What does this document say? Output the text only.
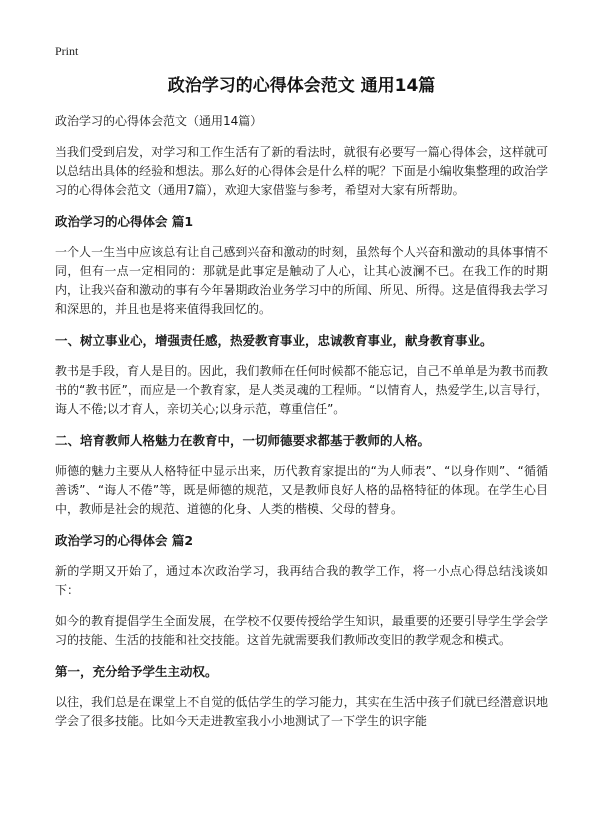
Print
政治学习的心得体会范文 通用14篇
政治学习的心得体会范文（通用14篇）

当我们受到启发，对学习和工作生活有了新的看法时，就很有必要写一篇心得体会，这样就可以总结出具体的经验和想法。那么好的心得体会是什么样的呢？下面是小编收集整理的政治学习的心得体会范文（通用7篇），欢迎大家借鉴与参考，希望对大家有所帮助。

政治学习的心得体会 篇1

一个人一生当中应该总有让自己感到兴奋和激动的时刻，虽然每个人兴奋和激动的具体事情不同，但有一点一定相同的：那就是此事定是触动了人心，让其心波澜不已。在我工作的时期内，让我兴奋和激动的事有今年暑期政治业务学习中的所闻、所见、所得。这是值得我去学习和深思的，并且也是将来值得我回忆的。

一、树立事业心，增强责任感，热爱教育事业，忠诚教育事业，献身教育事业。

教书是手段，育人是目的。因此，我们教师在任何时候都不能忘记，自己不单单是为教书而教书的“教书匠”，而应是一个教育家，是人类灵魂的工程师。“以情育人，热爱学生,以言导行，诲人不倦;以才育人，亲切关心;以身示范，尊重信任”。

二、培育教师人格魅力在教育中，一切师德要求都基于教师的人格。

师德的魅力主要从人格特征中显示出来，历代教育家提出的“为人师表”、“以身作则”、“循循善诱”、“诲人不倦”等，既是师德的规范，又是教师良好人格的品格特征的体现。在学生心目中，教师是社会的规范、道德的化身、人类的楷模、父母的替身。

政治学习的心得体会 篇2

新的学期又开始了，通过本次政治学习，我再结合我的教学工作，将一小点心得总结浅谈如下：

如今的教育提倡学生全面发展，在学校不仅要传授给学生知识，最重要的还要引导学生学会学习的技能、生活的技能和社交技能。这首先就需要我们教师改变旧的教学观念和模式。

第一，充分给予学生主动权。

以往，我们总是在课堂上不自觉的低估学生的学习能力，其实在生活中孩子们就已经潜意识地学会了很多技能。比如今天走进教室我小小地测试了一下学生的识字能
